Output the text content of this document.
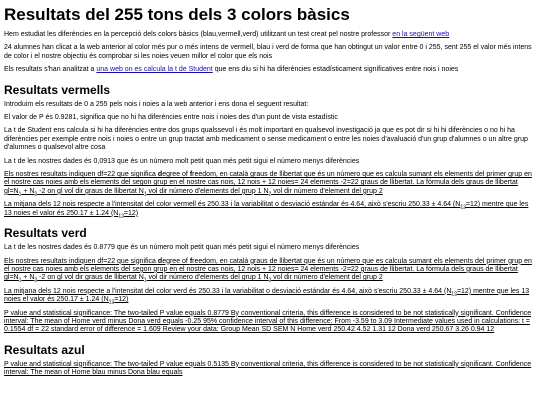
Resultats del 255 tons dels 3 colors bàsics

Hem estudiat les diferències en la percepció dels colors bàsics (blau,vermell,verd) utilitzant un test creat pel nostre professor en la següent web

24 alumnes han clicat a la web anterior al color més pur o més intens de vermell, blau i verd de forma que han obtingut un valor entre 0 i 255, sent 255 el valor més intens de color i el nostre objectiu és comprobar si les noies veuen millor el color que els nois

Els resultats s'han analitzat a una web on es calcula la t de Student que ens diu si hi ha diferències estadísticament significatives entre nois i noies

Resultats vermells

Introduim els resultats de 0 a 255 pels nois i noies a la web anterior i ens dona el seguent resultat:

El valor de P és 0.9281, significa que no hi ha diferències entre nois i noies des d'un punt de vista estadístic

La t de Student ens calcula si hi ha diferències entre dos grups qualssevol i és molt important en qualsevol investigació ja que es pot dir si hi hi diferències o no hi ha diferències per exemple entre nois i noies o entre un grup tractat amb medicament o sense medicament o entre les noies d'avaluació d'un grup d'alumnes o un altre grup d'alumnes o qualsevol altre cosa

La t de les nostres dades és 0,0913 que és un número molt petit quan més petit sigui el número menys diferències

Els nostres resultats indiquen df=22 que significa degree of freedom, en català graus de llibertat que és un número que es calcula sumant els elements del primer grup en el nostre cas noies amb els elements del segon grup en el nostre cas nois, 12 nois + 12 noies= 24 elements -2=22 graus de llibertat. La fórmula dels graus de llibertat $gl=N_1 + N_2$ -2 on gl vol dir graus de llibertat $N_1$ vol dir número d'elements del grup 1 $N_2$ vol dir número d'element del grup 2

La mitjana dels 12 nois respecte a l'intensitat del color vermell és 250.33 i la variabilitat o desviació estándar és 4.64, això s'escriu 250.33 ± 4.64 $(N_{12}=12)$ mentre que les 13 noies el valor és 250.17 ± 1.24 $(N_{12}=12)$

Resultats verd

La t de les nostres dades és 0.8779 que és un número molt petit quan més petit sigui el número menys diferències

Els nostres resultats indiquen df=22 que significa degree of freedom, en català graus de llibertat que és un número que es calcula sumant els elements del primer grup en el nostre cas noies amb els elements del segon grup en el nostre cas nois, 12 nois + 12 noies= 24 elements -2=22 graus de llibertat. La fórmula dels graus de llibertat $gl=N_1 + N_2$ -2 on gl vol dir graus de llibertat $N_1$ vol dir número d'elements del grup 1 $N_2$ vol dir número d'element del grup 2

La mitjana dels 12 nois respecte a l'intensitat del color verd és 250.33 i la variabilitat o desviació estándar és 4.64, això s'escriu 250.33 ± 4.64 $(N_{12}=12)$ mentre que les 13 noies el valor és 250.17 ± 1.24 $(N_{12}=12)$

P value and statistical significance: The two-tailed P value equals 0.8779 By conventional criteria, this difference is considered to be not statistically significant. Confidence interval: The mean of Home verd minus Dona verd equals -0.25 95% confidence interval of this difference: From -3.59 to 3.09 Intermediate values used in calculations: t = 0.1554 df = 22 standard error of difference = 1.609 Review your data: Group Mean SD SEM N Home verd 250.42 4.52 1.31 12 Dona verd 250.67 3.26 0.94 12

Resultats azul

P value and statistical significance: The two-tailed P value equals 0.5135 By conventional criteria, this difference is considered to be not statistically significant. Confidence interval: The mean of Home blau minus Dona blau equals
